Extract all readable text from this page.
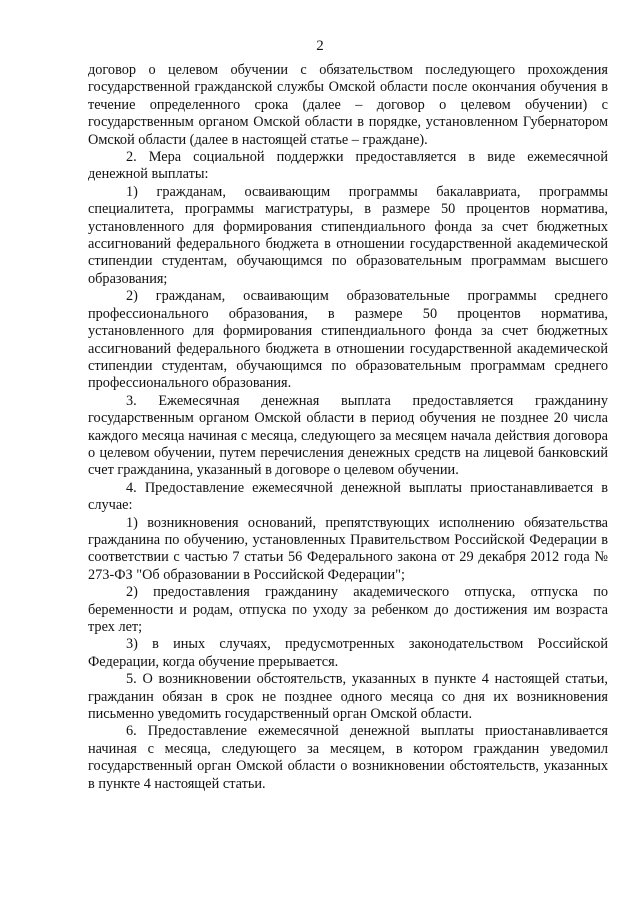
2

договор о целевом обучении с обязательством последующего прохождения государственной гражданской службы Омской области после окончания обучения в течение определенного срока (далее – договор о целевом обучении) с государственным органом Омской области в порядке, установленном Губернатором Омской области (далее в настоящей статье – граждане).

2. Мера социальной поддержки предоставляется в виде ежемесячной денежной выплаты:

1) гражданам, осваивающим программы бакалавриата, программы специалитета, программы магистратуры, в размере 50 процентов норматива, установленного для формирования стипендиального фонда за счет бюджетных ассигнований федерального бюджета в отношении государственной академической стипендии студентам, обучающимся по образовательным программам высшего образования;

2) гражданам, осваивающим образовательные программы среднего профессионального образования, в размере 50 процентов норматива, установленного для формирования стипендиального фонда за счет бюджетных ассигнований федерального бюджета в отношении государственной академической стипендии студентам, обучающимся по образовательным программам среднего профессионального образования.

3. Ежемесячная денежная выплата предоставляется гражданину государственным органом Омской области в период обучения не позднее 20 числа каждого месяца начиная с месяца, следующего за месяцем начала действия договора о целевом обучении, путем перечисления денежных средств на лицевой банковский счет гражданина, указанный в договоре о целевом обучении.

4. Предоставление ежемесячной денежной выплаты приостанавливается в случае:

1) возникновения оснований, препятствующих исполнению обязательства гражданина по обучению, установленных Правительством Российской Федерации в соответствии с частью 7 статьи 56 Федерального закона от 29 декабря 2012 года № 273-ФЗ "Об образовании в Российской Федерации";

2) предоставления гражданину академического отпуска, отпуска по беременности и родам, отпуска по уходу за ребенком до достижения им возраста трех лет;

3) в иных случаях, предусмотренных законодательством Российской Федерации, когда обучение прерывается.

5. О возникновении обстоятельств, указанных в пункте 4 настоящей статьи, гражданин обязан в срок не позднее одного месяца со дня их возникновения письменно уведомить государственный орган Омской области.

6. Предоставление ежемесячной денежной выплаты приостанавливается начиная с месяца, следующего за месяцем, в котором гражданин уведомил государственный орган Омской области о возникновении обстоятельств, указанных в пункте 4 настоящей статьи.
